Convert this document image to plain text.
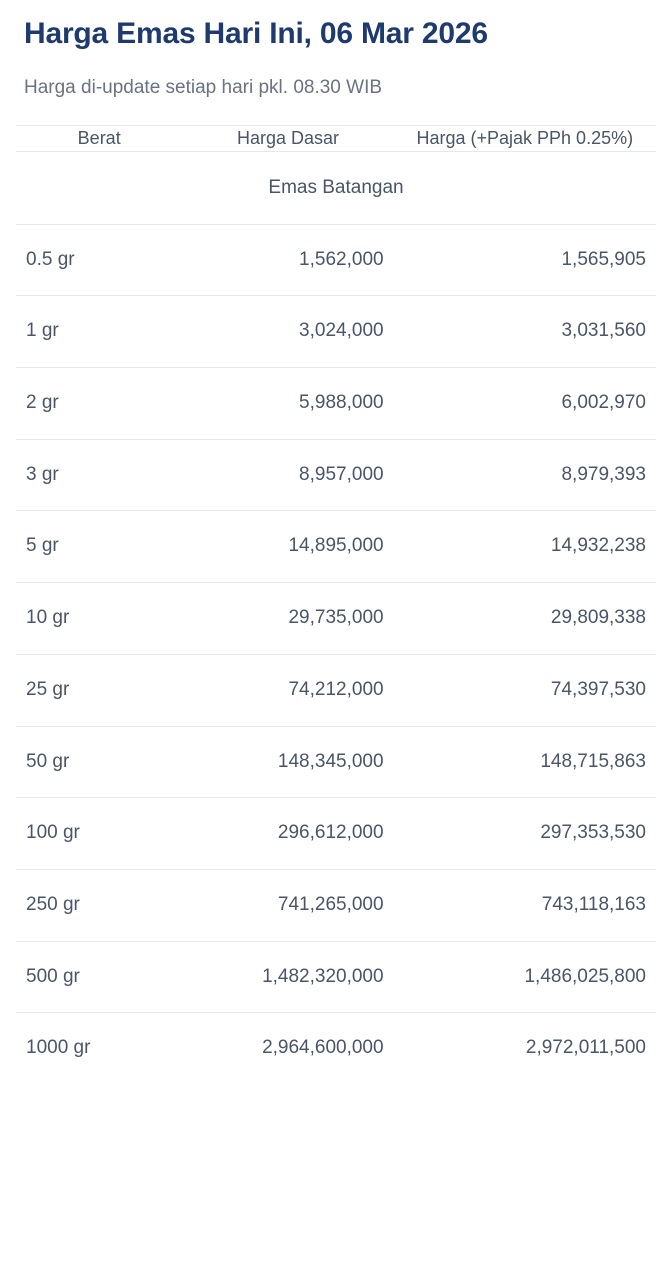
Harga Emas Hari Ini, 06 Mar 2026

Harga di-update setiap hari pkl. 08.30 WIB

Berat	Harga Dasar	Harga (+Pajak PPh 0.25%)
Emas Batangan		
0.5 gr	1,562,000	1,565,905
1 gr	3,024,000	3,031,560
2 gr	5,988,000	6,002,970
3 gr	8,957,000	8,979,393
5 gr	14,895,000	14,932,238
10 gr	29,735,000	29,809,338
25 gr	74,212,000	74,397,530
50 gr	148,345,000	148,715,863
100 gr	296,612,000	297,353,530
250 gr	741,265,000	743,118,163
500 gr	1,482,320,000	1,486,025,800
1000 gr	2,964,600,000	2,972,011,500
